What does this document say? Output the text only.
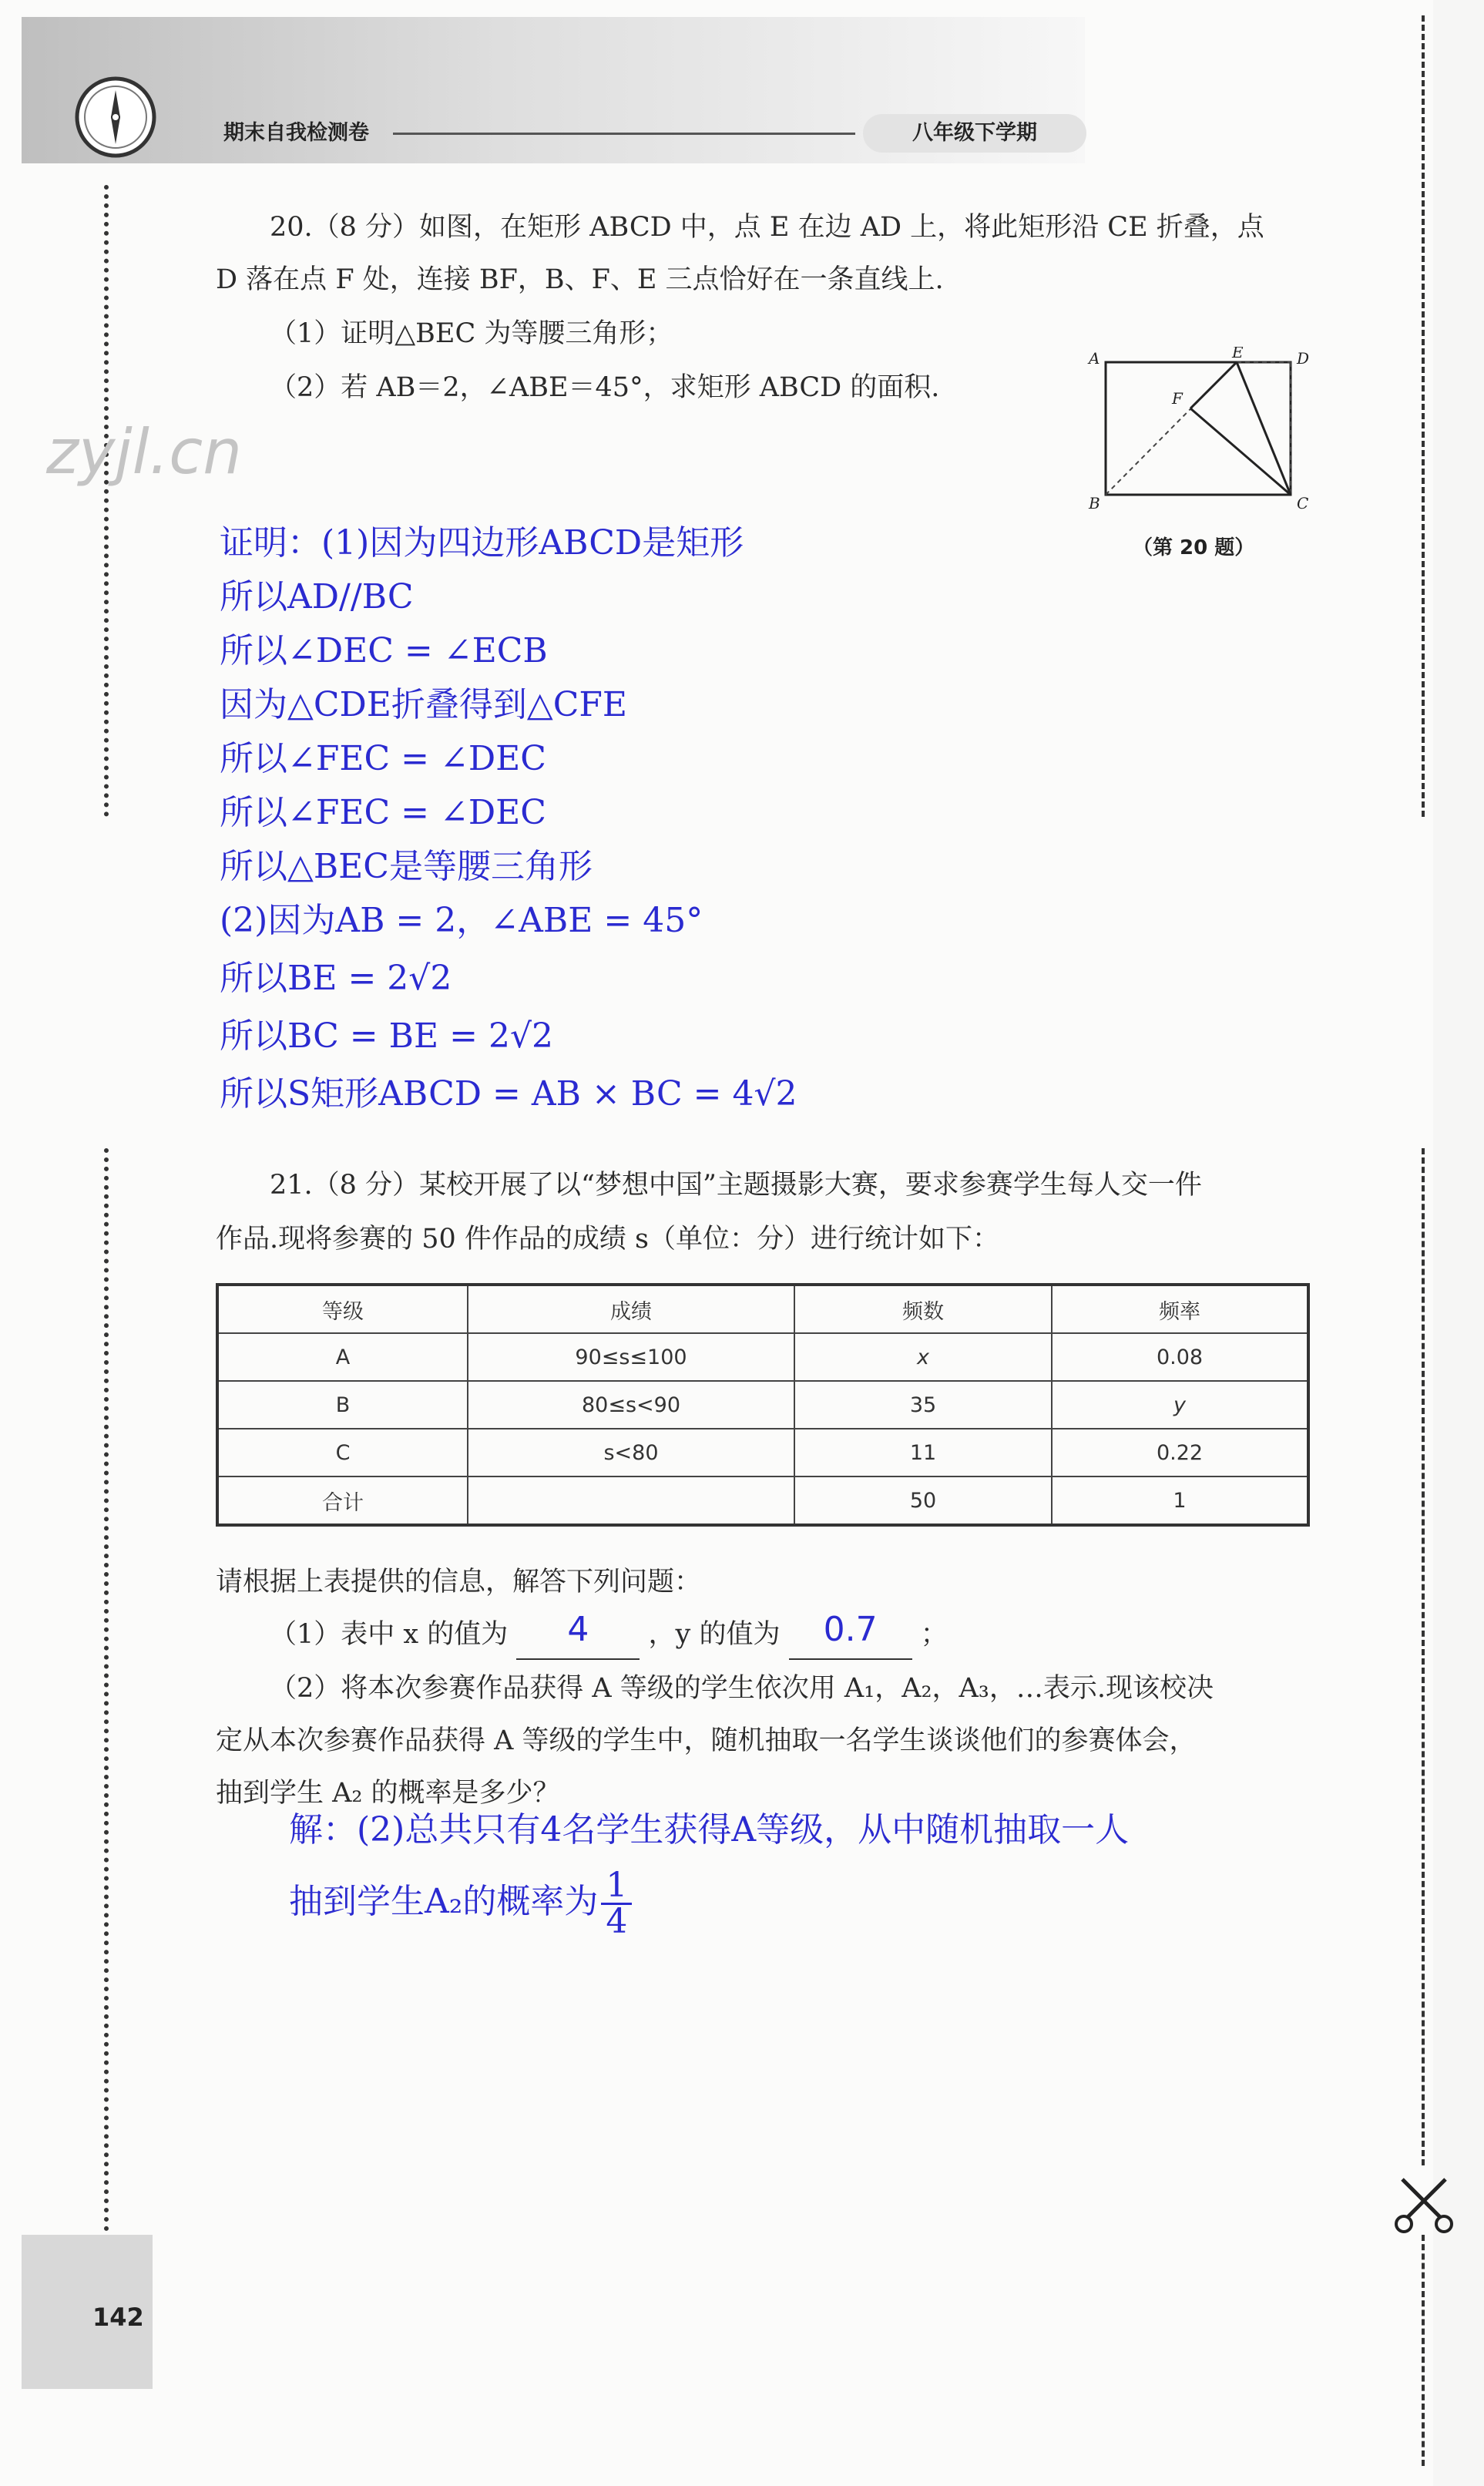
期末自我检测卷	八年级下学期
zyjl.cn
20.（8 分）如图，在矩形 ABCD 中，点 E 在边 AD 上，将此矩形沿 CE 折叠，点
D 落在点 F 处，连接 BF，B、F、E 三点恰好在一条直线上.
（1）证明△BEC 为等腰三角形；
（2）若 AB＝2，∠ABE＝45°，求矩形 ABCD 的面积.
A
B	C
D
E
F
（第 20 题）
证明：(1)因为四边形ABCD是矩形
所以AD//BC
所以∠DEC = ∠ECB
因为△CDE折叠得到△CFE
所以∠FEC = ∠DEC
所以∠FEC = ∠DEC
所以△BEC是等腰三角形
(2)因为AB = 2，∠ABE = 45°
所以BE = 2√2
所以BC = BE = 2√2
所以S矩形ABCD = AB × BC = 4√2
21.（8 分）某校开展了以“梦想中国”主题摄影大赛，要求参赛学生每人交一件
作品.现将参赛的 50 件作品的成绩 s（单位：分）进行统计如下：
等级	成绩	频数	频率
A	90≤s≤100	x	0.08
B	80≤s<90	35	y
C	s<80	11	0.22
合计		50	1
请根据上表提供的信息，解答下列问题：
（1）表中 x 的值为	4	，y 的值为	0.7	；
（2）将本次参赛作品获得 A 等级的学生依次用 A₁，A₂，A₃，…表示.现该校决
定从本次参赛作品获得 A 等级的学生中，随机抽取一名学生谈谈他们的参赛体会，
抽到学生 A₂ 的概率是多少？
解：(2)总共只有4名学生获得A等级，从中随机抽取一人
抽到学生A₂的概率为 $\frac{1}{4}$
142
